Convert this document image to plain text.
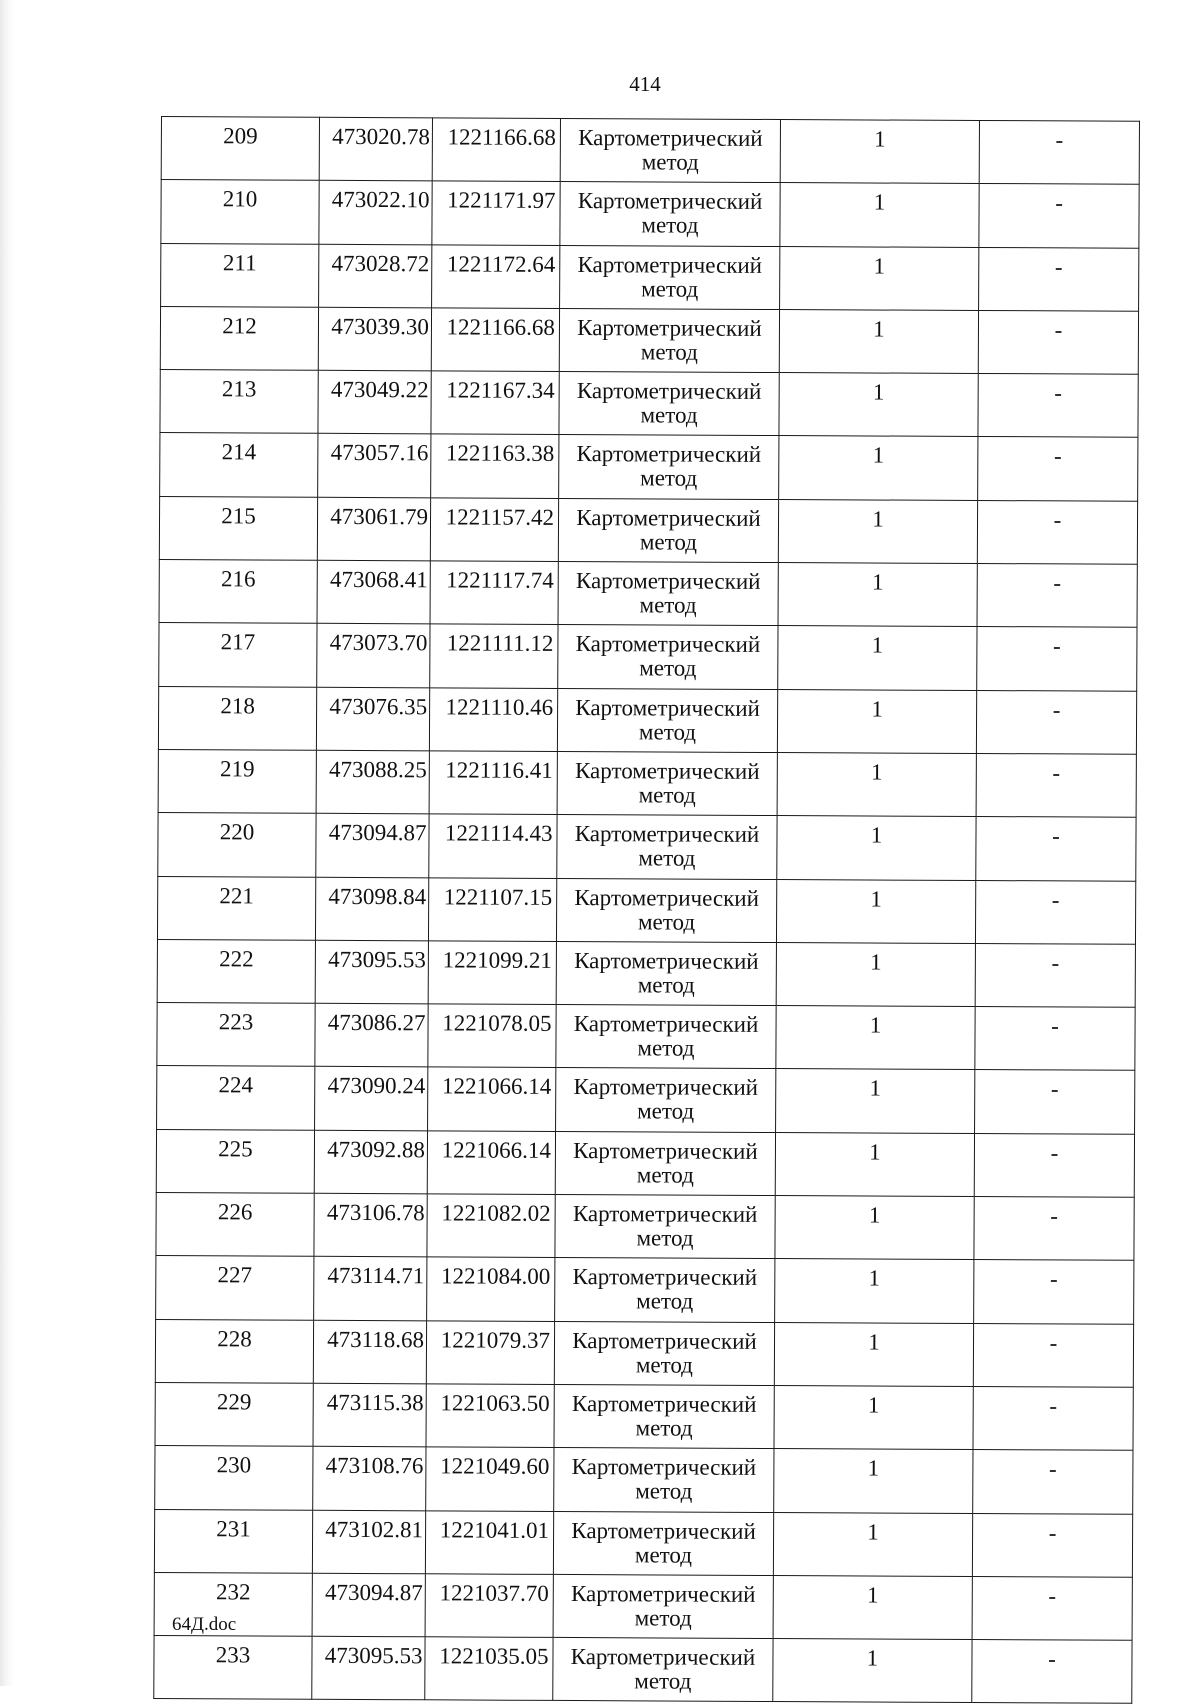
414
209	473020.78	1221166.68	Картометрический
метод	1	-
210	473022.10	1221171.97	Картометрический
метод	1	-
211	473028.72	1221172.64	Картометрический
метод	1	-
212	473039.30	1221166.68	Картометрический
метод	1	-
213	473049.22	1221167.34	Картометрический
метод	1	-
214	473057.16	1221163.38	Картометрический
метод	1	-
215	473061.79	1221157.42	Картометрический
метод	1	-
216	473068.41	1221117.74	Картометрический
метод	1	-
217	473073.70	1221111.12	Картометрический
метод	1	-
218	473076.35	1221110.46	Картометрический
метод	1	-
219	473088.25	1221116.41	Картометрический
метод	1	-
220	473094.87	1221114.43	Картометрический
метод	1	-
221	473098.84	1221107.15	Картометрический
метод	1	-
222	473095.53	1221099.21	Картометрический
метод	1	-
223	473086.27	1221078.05	Картометрический
метод	1	-
224	473090.24	1221066.14	Картометрический
метод	1	-
225	473092.88	1221066.14	Картометрический
метод	1	-
226	473106.78	1221082.02	Картометрический
метод	1	-
227	473114.71	1221084.00	Картометрический
метод	1	-
228	473118.68	1221079.37	Картометрический
метод	1	-
229	473115.38	1221063.50	Картометрический
метод	1	-
230	473108.76	1221049.60	Картометрический
метод	1	-
231	473102.81	1221041.01	Картометрический
метод	1	-
232	473094.87	1221037.70	Картометрический
метод	1	-
233	473095.53	1221035.05	Картометрический
метод	1	-
64Д.doc
